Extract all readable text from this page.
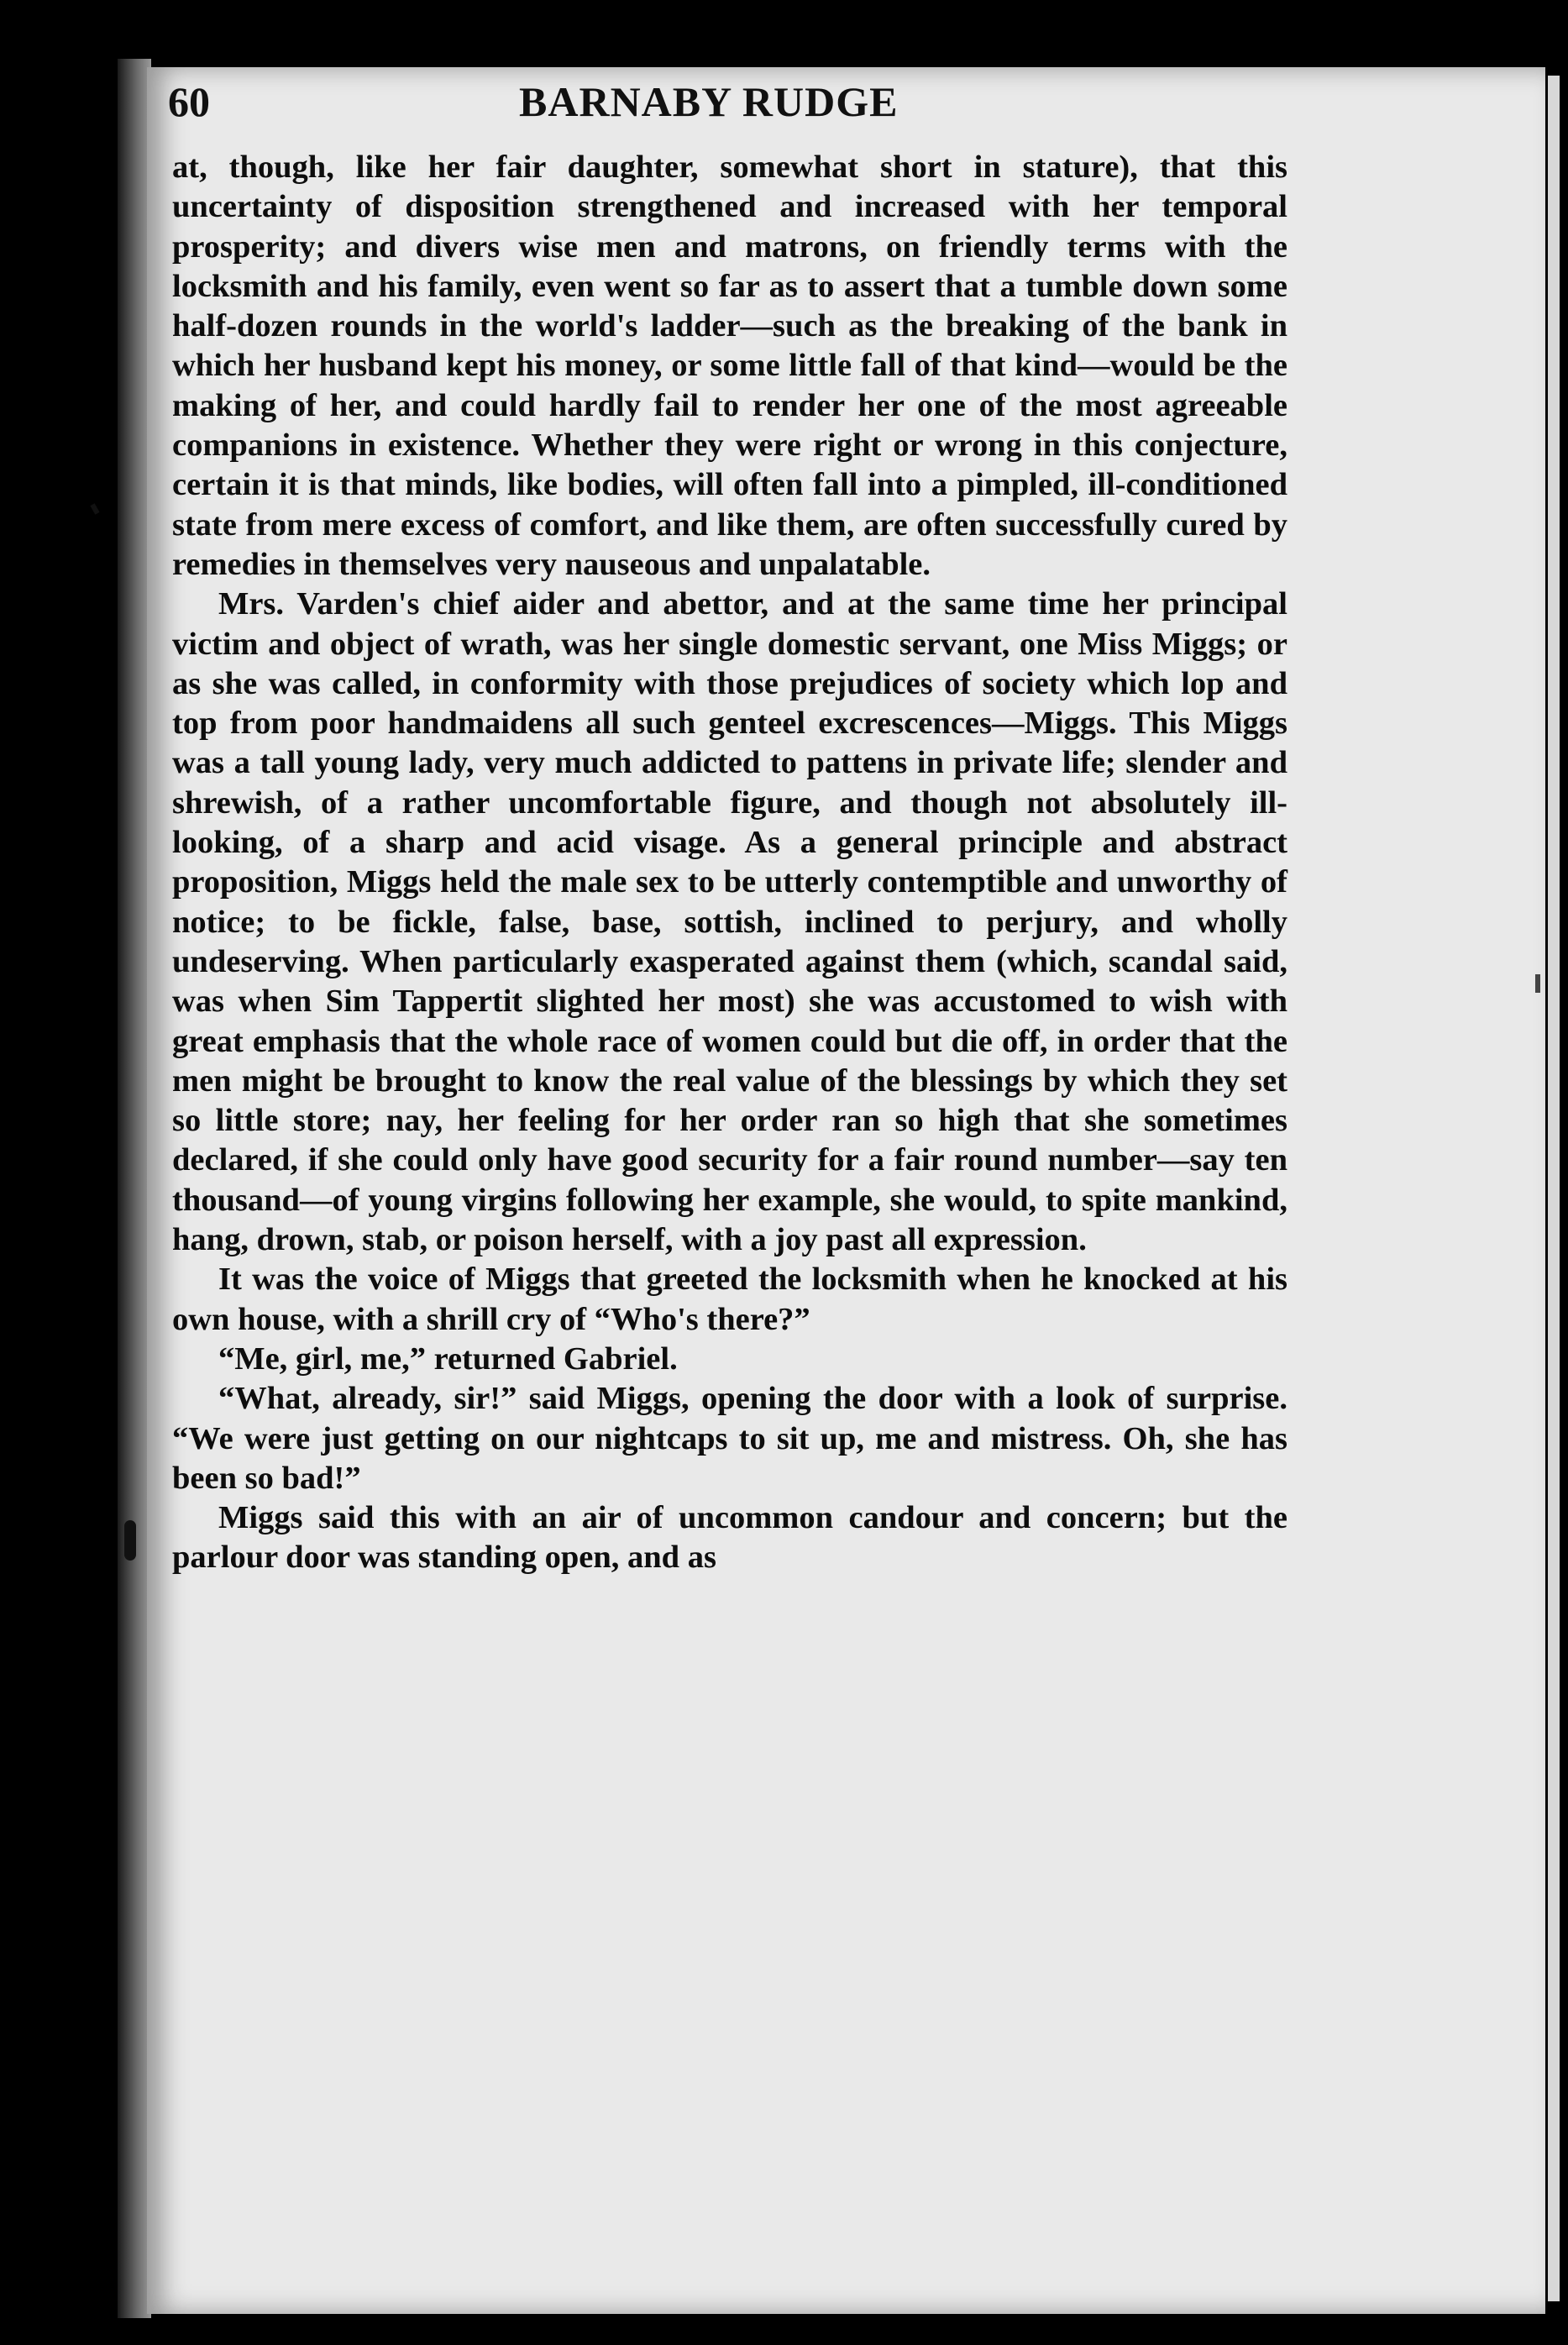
60	BARNABY RUDGE

at, though, like her fair daughter, somewhat short in stature), that this uncertainty of disposition strengthened and increased with her temporal prosperity; and divers wise men and matrons, on friendly terms with the locksmith and his family, even went so far as to assert that a tumble down some half-dozen rounds in the world's ladder—such as the breaking of the bank in which her husband kept his money, or some little fall of that kind—would be the making of her, and could hardly fail to render her one of the most agreeable companions in existence. Whether they were right or wrong in this conjecture, certain it is that minds, like bodies, will often fall into a pimpled, ill-conditioned state from mere excess of comfort, and like them, are often successfully cured by remedies in themselves very nauseous and unpalatable.

Mrs. Varden's chief aider and abettor, and at the same time her principal victim and object of wrath, was her single domestic servant, one Miss Miggs; or as she was called, in conformity with those prejudices of society which lop and top from poor handmaidens all such genteel excrescences—Miggs. This Miggs was a tall young lady, very much addicted to pattens in private life; slender and shrewish, of a rather uncomfortable figure, and though not absolutely ill-looking, of a sharp and acid visage. As a general principle and abstract proposition, Miggs held the male sex to be utterly contemptible and unworthy of notice; to be fickle, false, base, sottish, inclined to perjury, and wholly undeserving. When particularly exasperated against them (which, scandal said, was when Sim Tappertit slighted her most) she was accustomed to wish with great emphasis that the whole race of women could but die off, in order that the men might be brought to know the real value of the blessings by which they set so little store; nay, her feeling for her order ran so high that she sometimes declared, if she could only have good security for a fair round number—say ten thousand—of young virgins following her example, she would, to spite mankind, hang, drown, stab, or poison herself, with a joy past all expression.

It was the voice of Miggs that greeted the locksmith when he knocked at his own house, with a shrill cry of “Who's there?”

“Me, girl, me,” returned Gabriel.

“What, already, sir!” said Miggs, opening the door with a look of surprise. “We were just getting on our nightcaps to sit up, me and mistress. Oh, she has been so bad!”

Miggs said this with an air of uncommon candour and concern; but the parlour door was standing open, and as
